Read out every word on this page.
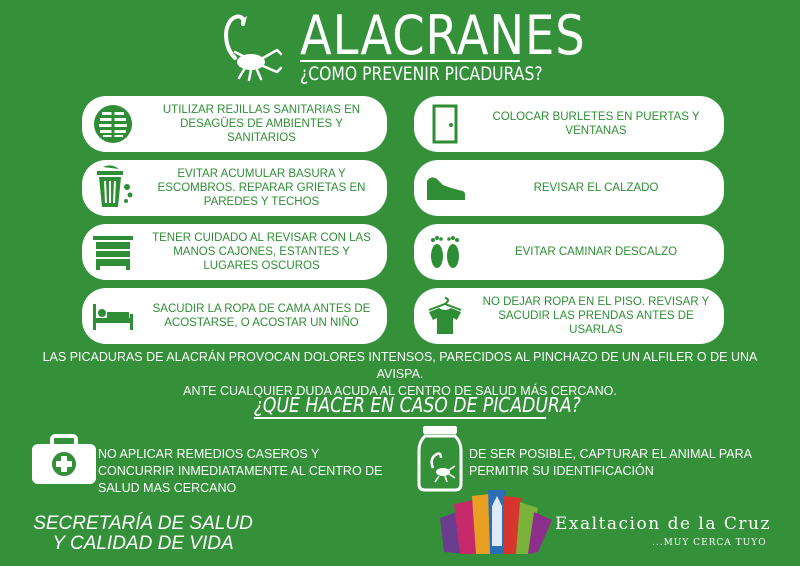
ALACRANES
¿COMO PREVENIR PICADURAS?
UTILIZAR REJILLAS SANITARIAS EN DESAGÜES DE AMBIENTES Y SANITARIOS
COLOCAR BURLETES EN PUERTAS Y VENTANAS
EVITAR ACUMULAR BASURA Y ESCOMBROS. REPARAR GRIETAS EN PAREDES Y TECHOS
REVISAR EL CALZADO
TENER CUIDADO AL REVISAR CON LAS MANOS CAJONES, ESTANTES Y LUGARES OSCUROS
EVITAR CAMINAR DESCALZO
SACUDIR LA ROPA DE CAMA ANTES DE ACOSTARSE, O ACOSTAR UN NIÑO
NO DEJAR ROPA EN EL PISO. REVISAR Y SACUDIR LAS PRENDAS ANTES DE USARLAS
LAS PICADURAS DE ALACRÁN PROVOCAN DOLORES INTENSOS, PARECIDOS AL PINCHAZO DE UN ALFILER O DE UNA AVISPA.
ANTE CUALQUIER DUDA ACUDA AL CENTRO DE SALUD MÁS CERCANO.
¿QUÉ HACER EN CASO DE PICADURA?
NO APLICAR REMEDIOS CASEROS Y CONCURRIR INMEDIATAMENTE AL CENTRO DE SALUD MAS CERCANO
DE SER POSIBLE, CAPTURAR EL ANIMAL PARA PERMITIR SU IDENTIFICACIÓN
SECRETARÍA DE SALUD
Y CALIDAD DE VIDA
Exaltacion de la Cruz
...MUY CERCA TUYO
